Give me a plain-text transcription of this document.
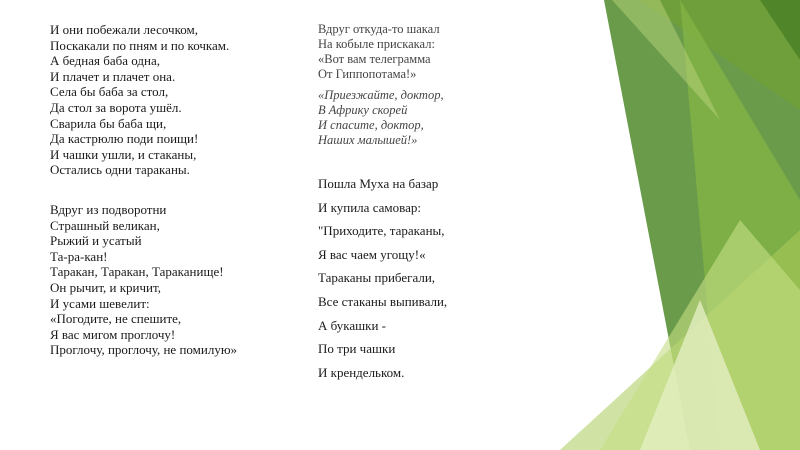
И они побежали лесочком,

Поскакали по пням и по кочкам.

А бедная баба одна,

И плачет и плачет она.

Села бы баба за стол,

Да стол за ворота ушёл.

Сварила бы баба щи,

Да кастрюлю поди поищи!

И чашки ушли, и стаканы,

Остались одни тараканы.

Вдруг из подворотни

Страшный великан,

Рыжий и усатый

Та-ра-кан!

Таракан, Таракан, Тараканище!

Он рычит, и кричит,

И усами шевелит:

«Погодите, не спешите,

Я вас мигом проглочу!

Проглочу, проглочу, не помилую»

Вдруг откуда-то шакал

На кобыле прискакал:

«Вот вам телеграмма

От Гиппопотама!»

«Приезжайте, доктор,

В Африку скорей

И спасите, доктор,

Наших малышей!»

Пошла Муха на базар

И купила самовар:

"Приходите, тараканы,

Я вас чаем угощу!«

Тараканы прибегали,

Все стаканы выпивали,

А букашки -

По три чашки

И крендельком.
